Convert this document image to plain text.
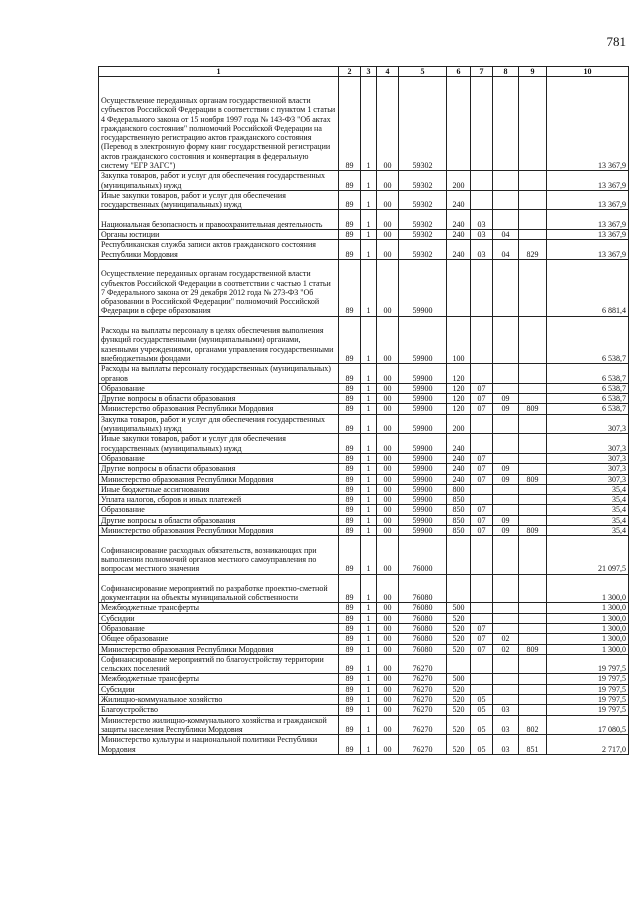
781
1	2	3	4	5	6	7	8	9	10
Осуществление переданных органам государственной власти субъектов Российской Федерации в соответствии с пунктом 1 статьи 4 Федерального закона от 15 ноября 1997 года № 143-ФЗ "Об актах гражданского состояния" полномочий Российской Федерации на государственную регистрацию актов гражданского состояния (Перевод в электронную форму книг государственной регистрации актов гражданского состояния и конвертация в федеральную систему "ЕГР ЗАГС")	89	1	00	59302					13 367,9
Закупка товаров, работ и услуг для обеспечения государственных (муниципальных) нужд	89	1	00	59302	200				13 367,9
Иные закупки товаров, работ и услуг для обеспечения государственных (муниципальных) нужд	89	1	00	59302	240				13 367,9
Национальная безопасность и правоохранительная деятельность	89	1	00	59302	240	03			13 367,9
Органы юстиции	89	1	00	59302	240	03	04		13 367,9
Республиканская служба записи актов гражданского состояния Республики Мордовия	89	1	00	59302	240	03	04	829	13 367,9
Осуществление переданных органам государственной власти субъектов Российской Федерации в соответствии с частью 1 статьи 7 Федерального закона от 29 декабря 2012 года № 273-ФЗ "Об образовании в Российской Федерации" полномочий Российской Федерации в сфере образования	89	1	00	59900					6 881,4
Расходы на выплаты персоналу в целях обеспечения выполнения функций государственными (муниципальными) органами, казенными учреждениями, органами управления государственными внебюджетными фондами	89	1	00	59900	100				6 538,7
Расходы на выплаты персоналу государственных (муниципальных) органов	89	1	00	59900	120				6 538,7
Образование	89	1	00	59900	120	07			6 538,7
Другие вопросы в области образования	89	1	00	59900	120	07	09		6 538,7
Министерство образования Республики Мордовия	89	1	00	59900	120	07	09	809	6 538,7
Закупка товаров, работ и услуг для обеспечения государственных (муниципальных) нужд	89	1	00	59900	200				307,3
Иные закупки товаров, работ и услуг для обеспечения государственных (муниципальных) нужд	89	1	00	59900	240				307,3
Образование	89	1	00	59900	240	07			307,3
Другие вопросы в области образования	89	1	00	59900	240	07	09		307,3
Министерство образования Республики Мордовия	89	1	00	59900	240	07	09	809	307,3
Иные бюджетные ассигнования	89	1	00	59900	800				35,4
Уплата налогов, сборов и иных платежей	89	1	00	59900	850				35,4
Образование	89	1	00	59900	850	07			35,4
Другие вопросы в области образования	89	1	00	59900	850	07	09		35,4
Министерство образования Республики Мордовия	89	1	00	59900	850	07	09	809	35,4
Софинансирование расходных обязательств, возникающих при выполнении полномочий органов местного самоуправления по вопросам местного значения	89	1	00	76000					21 097,5
Софинансирование мероприятий по разработке проектно-сметной документации на объекты муниципальной собственности	89	1	00	76080					1 300,0
Межбюджетные трансферты	89	1	00	76080	500				1 300,0
Субсидии	89	1	00	76080	520				1 300,0
Образование	89	1	00	76080	520	07			1 300,0
Общее образование	89	1	00	76080	520	07	02		1 300,0
Министерство образования Республики Мордовия	89	1	00	76080	520	07	02	809	1 300,0
Софинансирование мероприятий по благоустройству территории сельских поселений	89	1	00	76270					19 797,5
Межбюджетные трансферты	89	1	00	76270	500				19 797,5
Субсидии	89	1	00	76270	520				19 797,5
Жилищно-коммунальное хозяйство	89	1	00	76270	520	05			19 797,5
Благоустройство	89	1	00	76270	520	05	03		19 797,5
Министерство жилищно-коммунального хозяйства и гражданской защиты населения Республики Мордовия	89	1	00	76270	520	05	03	802	17 080,5
Министерство культуры и национальной политики Республики Мордовия	89	1	00	76270	520	05	03	851	2 717,0
